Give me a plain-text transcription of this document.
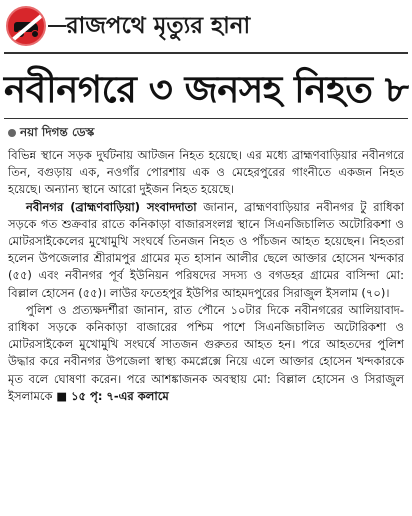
রাজপথে মৃত্যুর হানা
নবীনগরে ৩ জনসহ নিহত ৮
নয়া দিগন্ত ডেস্ক

বিভিন্ন স্থানে সড়ক দুর্ঘটনায় আটজন নিহত হয়েছে। এর মধ্যে ব্রাহ্মণবাড়িয়ার নবীনগরে তিন, বগুড়ায় এক, নওগাঁর পোরশায় এক ও মেহেরপুরের গাংনীতে একজন নিহত হয়েছে। অন্যান্য স্থানে আরো দুইজন নিহত হয়েছে।

নবীনগর (ব্রাহ্মণবাড়িয়া) সংবাদদাতা জানান, ব্রাহ্মণবাড়িয়ার নবীনগর টু রাধিকা সড়কে গত শুক্রবার রাতে কনিকাড়া বাজারসংলগ্ন স্থানে সিএনজিচালিত অটোরিকশা ও মোটরসাইকেলের মুখোমুখি সংঘর্ষে তিনজন নিহত ও পাঁচজন আহত হয়েছেন। নিহতরা হলেন উপজেলার শ্রীরামপুর গ্রামের মৃত হাসান আলীর ছেলে আক্তার হোসেন খন্দকার (৫৫) এবং নবীনগর পূর্ব ইউনিয়ন পরিষদের সদস্য ও বগডহর গ্রামের বাসিন্দা মো: বিল্লাল হোসেন (৫৫)। লাউর ফতেহপুর ইউপির আহমদপুরের সিরাজুল ইসলাম (৭০)।

পুলিশ ও প্রত্যক্ষদর্শীরা জানান, রাত পৌনে ১০টার দিকে নবীনগরের আলিয়াবাদ-রাধিকা সড়কে কনিকাড়া বাজারের পশ্চিম পাশে সিএনজিচালিত অটোরিকশা ও মোটরসাইকেল মুখোমুখি সংঘর্ষে সাতজন গুরুতর আহত হন। পরে আহতদের পুলিশ উদ্ধার করে নবীনগর উপজেলা স্বাস্থ্য কমপ্লেক্সে নিয়ে এলে আক্তার হোসেন খন্দকারকে মৃত বলে ঘোষণা করেন। পরে আশঙ্কাজনক অবস্থায় মো: বিল্লাল হোসেন ও সিরাজুল ইসলামকে ■ ১৫ পৃ: ৭-এর কলামে
